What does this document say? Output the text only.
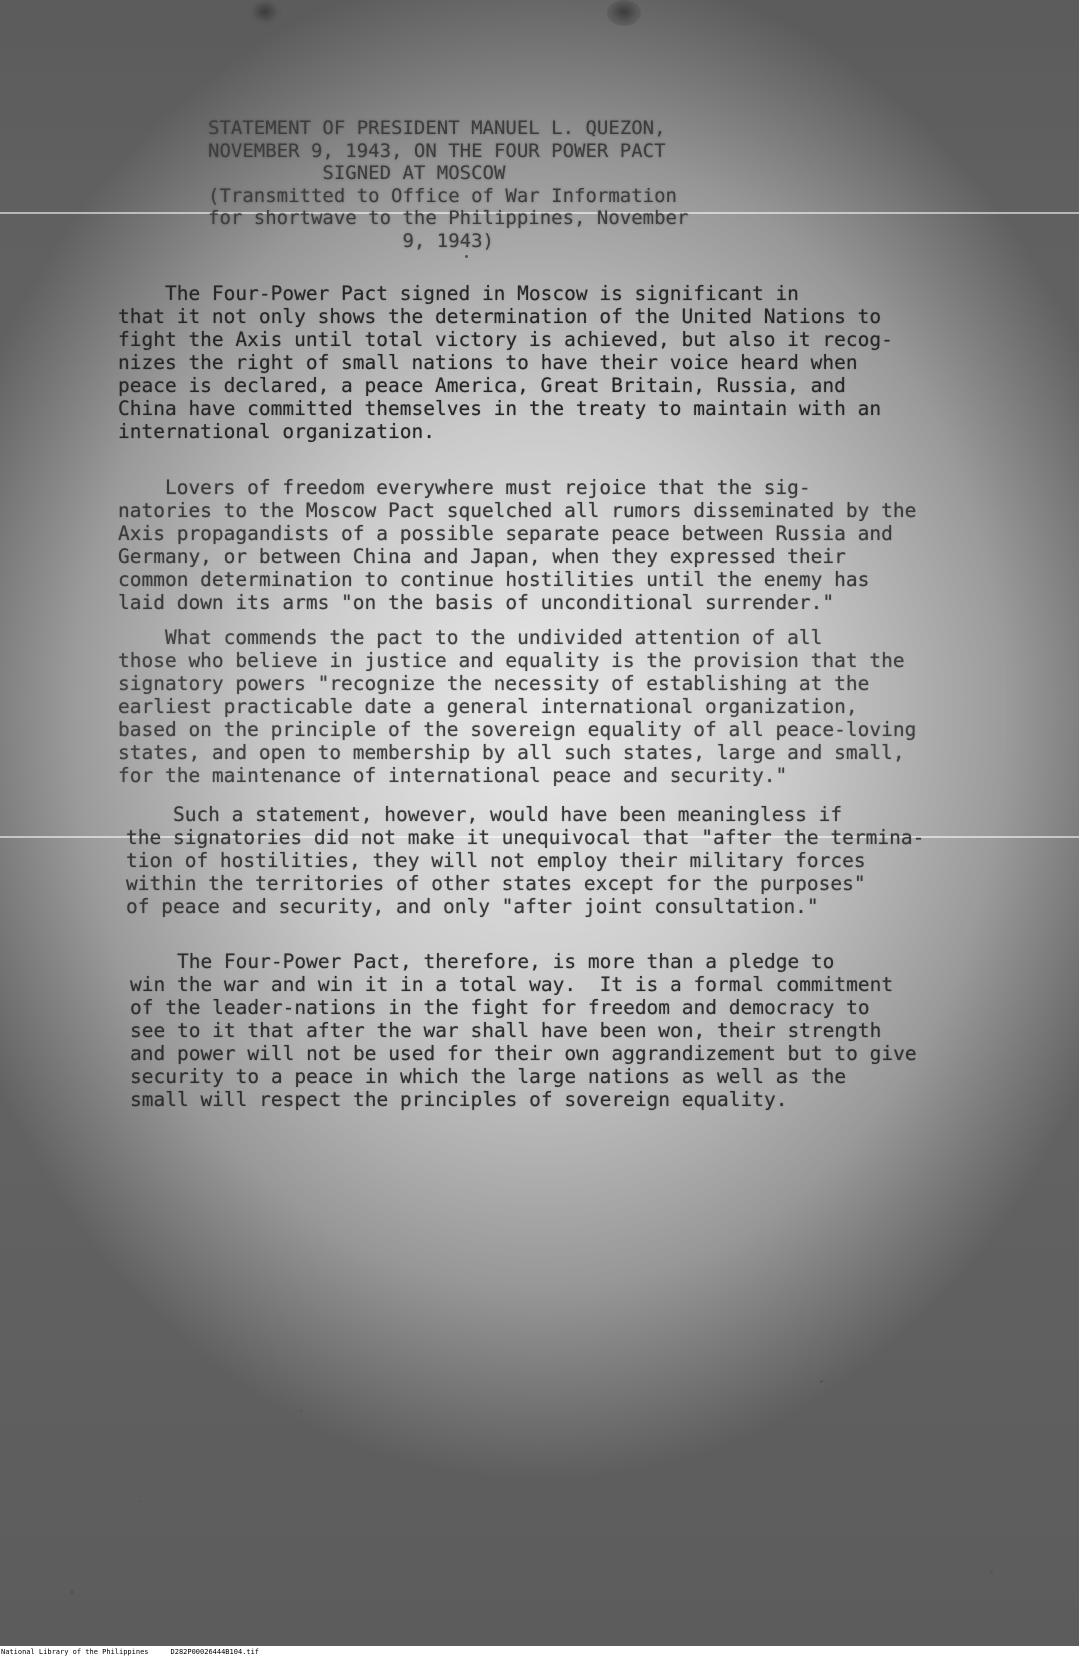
STATEMENT OF PRESIDENT MANUEL L. QUEZON,
NOVEMBER 9, 1943, ON THE FOUR POWER PACT
SIGNED AT MOSCOW
(Transmitted to Office of War Information
for shortwave to the Philippines, November
9, 1943)
The Four-Power Pact signed in Moscow is significant in
that it not only shows the determination of the United Nations to
fight the Axis until total victory is achieved, but also it recog-
nizes the right of small nations to have their voice heard when
peace is declared, a peace America, Great Britain, Russia, and
China have committed themselves in the treaty to maintain with an
international organization.
Lovers of freedom everywhere must rejoice that the sig-
natories to the Moscow Pact squelched all rumors disseminated by the
Axis propagandists of a possible separate peace between Russia and
Germany, or between China and Japan, when they expressed their
common determination to continue hostilities until the enemy has
laid down its arms "on the basis of unconditional surrender."
What commends the pact to the undivided attention of all
those who believe in justice and equality is the provision that the
signatory powers "recognize the necessity of establishing at the
earliest practicable date a general international organization,
based on the principle of the sovereign equality of all peace-loving
states, and open to membership by all such states, large and small,
for the maintenance of international peace and security."
Such a statement, however, would have been meaningless if
the signatories did not make it unequivocal that "after the termina-
tion of hostilities, they will not employ their military forces
within the territories of other states except for the purposes"
of peace and security, and only "after joint consultation."
The Four-Power Pact, therefore, is more than a pledge to
win the war and win it in a total way.  It is a formal commitment
of the leader-nations in the fight for freedom and democracy to
see to it that after the war shall have been won, their strength
and power will not be used for their own aggrandizement but to give
security to a peace in which the large nations as well as the
small will respect the principles of sovereign equality.
National Library of the Philippines	D282P00026444B104.tif
